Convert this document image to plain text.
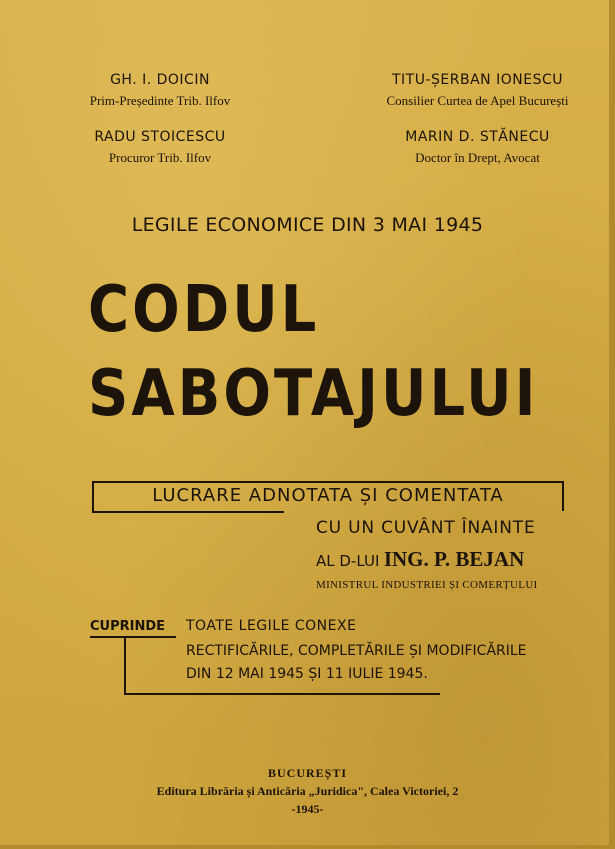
GH. I. DOICIN
Prim-Președinte Trib. Ilfov
TITU-ȘERBAN IONESCU
Consilier Curtea de Apel București
RADU STOICESCU
Procuror Trib. Ilfov
MARIN D. STĂNECU
Doctor în Drept, Avocat
LEGILE ECONOMICE DIN 3 MAI 1945
CODUL
SABOTAJULUI
LUCRARE ADNOTATA ȘI COMENTATA
CU UN CUVÂNT ÎNAINTE
AL D-LUI ING. P. BEJAN
MINISTRUL INDUSTRIEI ȘI COMERȚULUI
CUPRINDE TOATE LEGILE CONEXE
RECTIFICĂRILE, COMPLETĂRILE ȘI MODIFICĂRILE
DIN 12 MAI 1945 ȘI 11 IULIE 1945.
BUCUREȘTI
Editura Librăria și Anticăria „Juridica", Calea Victoriei, 2
-1945-
